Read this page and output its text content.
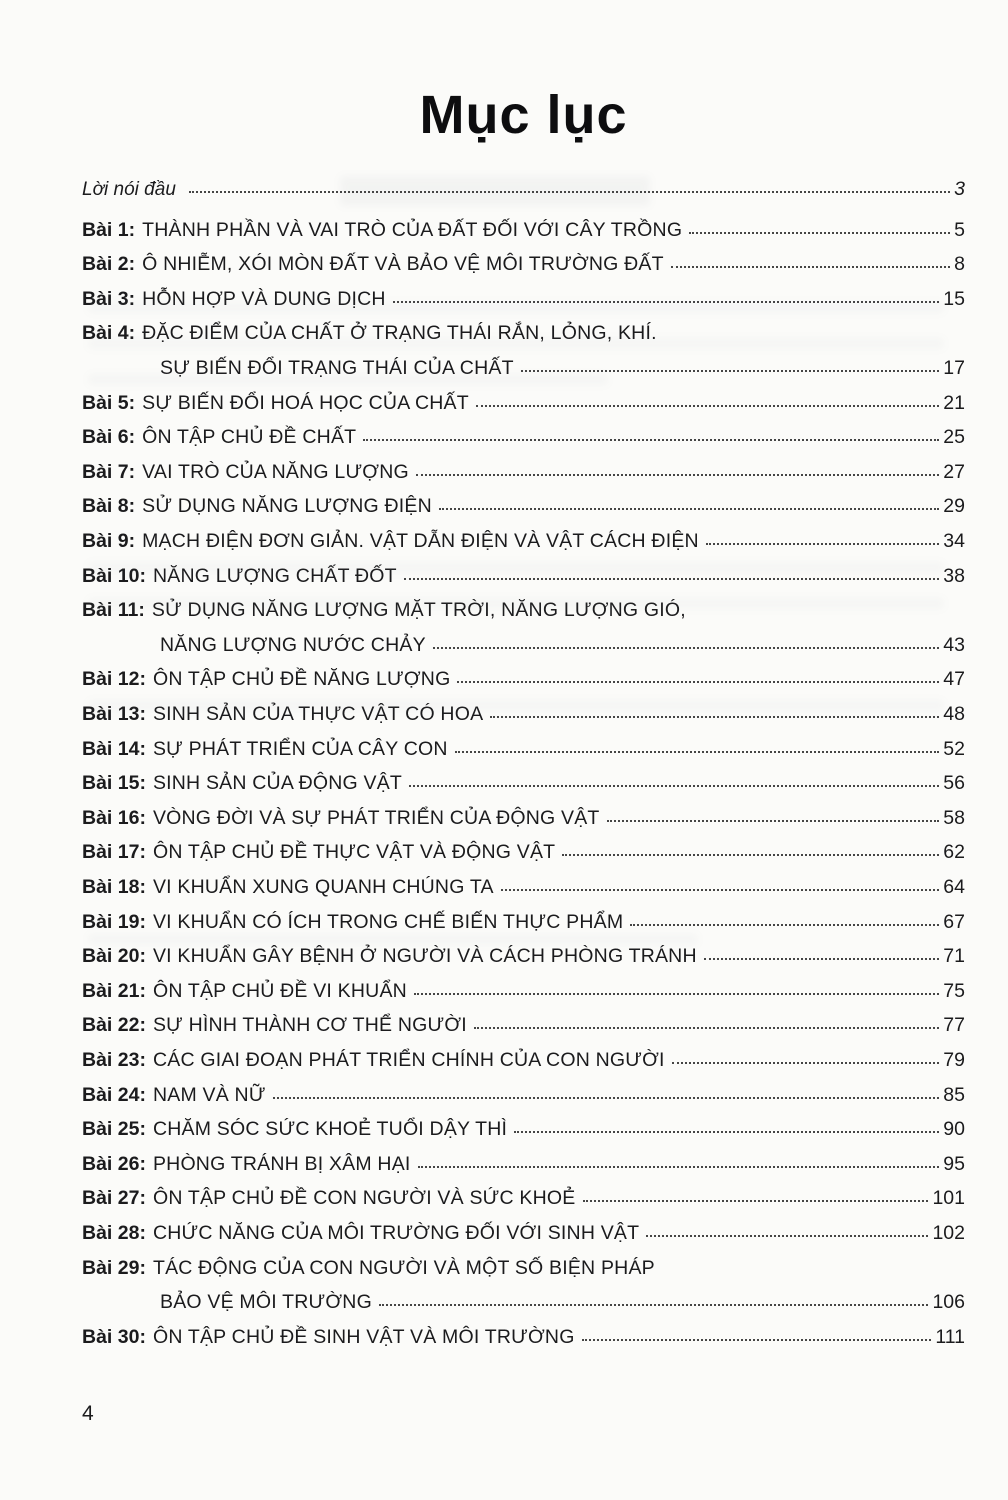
Mục lục
Lời nói đầu	3
Bài 1: THÀNH PHẦN VÀ VAI TRÒ CỦA ĐẤT ĐỐI VỚI CÂY TRỒNG	5
Bài 2: Ô NHIỄM, XÓI MÒN ĐẤT VÀ BẢO VỆ MÔI TRƯỜNG ĐẤT	8
Bài 3: HỖN HỢP VÀ DUNG DỊCH	15
Bài 4: ĐẶC ĐIỂM CỦA CHẤT Ở TRẠNG THÁI RẮN, LỎNG, KHÍ.
SỰ BIẾN ĐỔI TRẠNG THÁI CỦA CHẤT	17
Bài 5: SỰ BIẾN ĐỔI HOÁ HỌC CỦA CHẤT	21
Bài 6: ÔN TẬP CHỦ ĐỀ CHẤT	25
Bài 7: VAI TRÒ CỦA NĂNG LƯỢNG	27
Bài 8: SỬ DỤNG NĂNG LƯỢNG ĐIỆN	29
Bài 9: MẠCH ĐIỆN ĐƠN GIẢN. VẬT DẪN ĐIỆN VÀ VẬT CÁCH ĐIỆN	34
Bài 10: NĂNG LƯỢNG CHẤT ĐỐT	38
Bài 11: SỬ DỤNG NĂNG LƯỢNG MẶT TRỜI, NĂNG LƯỢNG GIÓ,
NĂNG LƯỢNG NƯỚC CHẢY	43
Bài 12: ÔN TẬP CHỦ ĐỀ NĂNG LƯỢNG	47
Bài 13: SINH SẢN CỦA THỰC VẬT CÓ HOA	48
Bài 14: SỰ PHÁT TRIỂN CỦA CÂY CON	52
Bài 15: SINH SẢN CỦA ĐỘNG VẬT	56
Bài 16: VÒNG ĐỜI VÀ SỰ PHÁT TRIỂN CỦA ĐỘNG VẬT	58
Bài 17: ÔN TẬP CHỦ ĐỀ THỰC VẬT VÀ ĐỘNG VẬT	62
Bài 18: VI KHUẨN XUNG QUANH CHÚNG TA	64
Bài 19: VI KHUẨN CÓ ÍCH TRONG CHẾ BIẾN THỰC PHẨM	67
Bài 20: VI KHUẨN GÂY BỆNH Ở NGƯỜI VÀ CÁCH PHÒNG TRÁNH	71
Bài 21: ÔN TẬP CHỦ ĐỀ VI KHUẨN	75
Bài 22: SỰ HÌNH THÀNH CƠ THỂ NGƯỜI	77
Bài 23: CÁC GIAI ĐOẠN PHÁT TRIỂN CHÍNH CỦA CON NGƯỜI	79
Bài 24: NAM VÀ NỮ	85
Bài 25: CHĂM SÓC SỨC KHOẺ TUỔI DẬY THÌ	90
Bài 26: PHÒNG TRÁNH BỊ XÂM HẠI	95
Bài 27: ÔN TẬP CHỦ ĐỀ CON NGƯỜI VÀ SỨC KHOẺ	101
Bài 28: CHỨC NĂNG CỦA MÔI TRƯỜNG ĐỐI VỚI SINH VẬT	102
Bài 29: TÁC ĐỘNG CỦA CON NGƯỜI VÀ MỘT SỐ BIỆN PHÁP
BẢO VỆ MÔI TRƯỜNG	106
Bài 30: ÔN TẬP CHỦ ĐỀ SINH VẬT VÀ MÔI TRƯỜNG	111
4
